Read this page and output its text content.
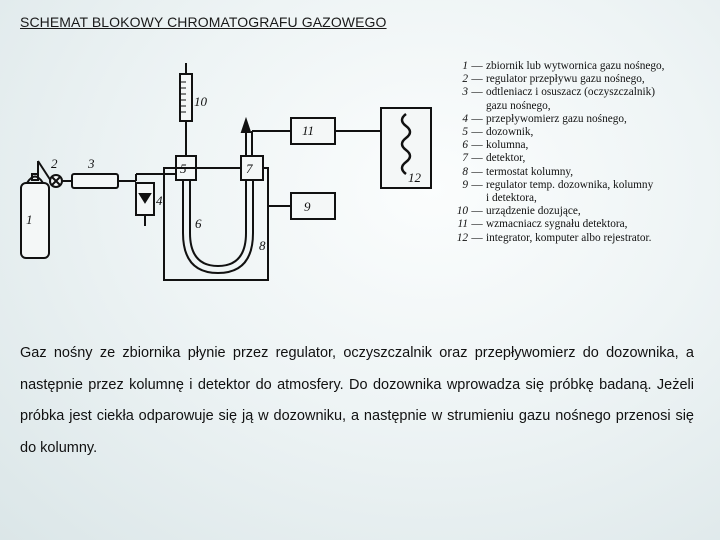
SCHEMAT BLOKOWY CHROMATOGRAFU GAZOWEGO
1
2 3
4
5
6
7
8
9
10
11
12
1 — zbiornik lub wytwornica gazu nośnego,
2 — regulator przepływu gazu nośnego,
3 — odtleniacz i osuszacz (oczyszczalnik)
gazu nośnego,
4 — przepływomierz gazu nośnego,
5 — dozownik,
6 — kolumna,
7 — detektor,
8 — termostat kolumny,
9 — regulator temp. dozownika, kolumny
i detektora,
10 — urządzenie dozujące,
11 — wzmacniacz sygnału detektora,
12 — integrator, komputer albo rejestrator.
Gaz nośny ze zbiornika płynie przez regulator, oczyszczalnik oraz przepływomierz do dozownika, a następnie przez kolumnę i detektor do atmosfery. Do dozownika wprowadza się próbkę badaną. Jeżeli próbka jest ciekła odparowuje się ją w dozowniku, a następnie w strumieniu gazu nośnego przenosi się do kolumny.
